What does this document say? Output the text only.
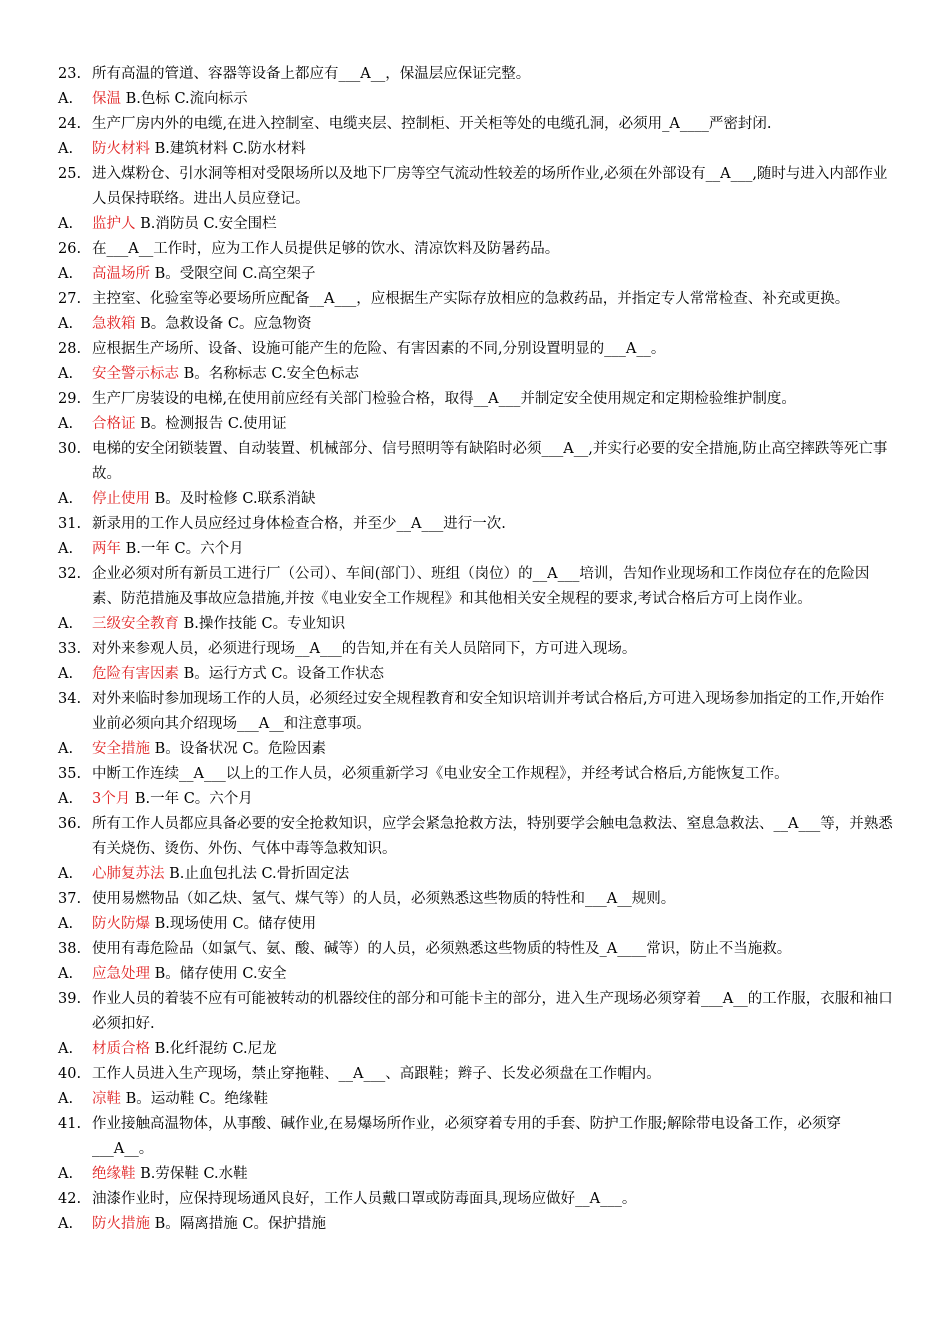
23. 所有高温的管道、容器等设备上都应有___A__，保温层应保证完整。
A.	保温 B.色标 C.流向标示
24. 生产厂房内外的电缆,在进入控制室、电缆夹层、控制柜、开关柜等处的电缆孔洞，必须用_A____严密封闭.
A.	防火材料 B.建筑材料 C.防水材料
25. 进入煤粉仓、引水洞等相对受限场所以及地下厂房等空气流动性较差的场所作业,必须在外部设有__A___,随时与进入内部作业人员保持联络。进出人员应登记。
A.	监护人 B.消防员 C.安全围栏
26. 在___A__工作时，应为工作人员提供足够的饮水、清凉饮料及防暑药品。
A.	高温场所 B。受限空间 C.高空架子
27. 主控室、化验室等必要场所应配备__A___，应根据生产实际存放相应的急救药品，并指定专人常常检查、补充或更换。
A.	急救箱 B。急救设备 C。应急物资
28. 应根据生产场所、设备、设施可能产生的危险、有害因素的不同,分别设置明显的___A__。
A.	安全警示标志 B。名称标志 C.安全色标志
29. 生产厂房装设的电梯,在使用前应经有关部门检验合格，取得__A___并制定安全使用规定和定期检验维护制度。
A.	合格证 B。检测报告 C.使用证
30. 电梯的安全闭锁装置、自动装置、机械部分、信号照明等有缺陷时必须___A__,并实行必要的安全措施,防止高空摔跌等死亡事故。
A.	停止使用 B。及时检修 C.联系消缺
31. 新录用的工作人员应经过身体检查合格，并至少__A___进行一次.
A.	两年 B.一年 C。六个月
32. 企业必须对所有新员工进行厂（公司）、车间(部门）、班组（岗位）的__A___培训，告知作业现场和工作岗位存在的危险因素、防范措施及事故应急措施,并按《电业安全工作规程》和其他相关安全规程的要求,考试合格后方可上岗作业。
A.	三级安全教育 B.操作技能 C。专业知识
33. 对外来参观人员，必须进行现场__A___的告知,并在有关人员陪同下，方可进入现场。
A.	危险有害因素 B。运行方式 C。设备工作状态
34. 对外来临时参加现场工作的人员，必须经过安全规程教育和安全知识培训并考试合格后,方可进入现场参加指定的工作,开始作业前必须向其介绍现场___A__和注意事项。
A.	安全措施 B。设备状况 C。危险因素
35. 中断工作连续__A___以上的工作人员，必须重新学习《电业安全工作规程》，并经考试合格后,方能恢复工作。
A.	3个月 B.一年 C。六个月
36. 所有工作人员都应具备必要的安全抢救知识，应学会紧急抢救方法，特别要学会触电急救法、窒息急救法、__A___等，并熟悉有关烧伤、烫伤、外伤、气体中毒等急救知识。
A.	心肺复苏法 B.止血包扎法 C.骨折固定法
37. 使用易燃物品（如乙炔、氢气、煤气等）的人员，必须熟悉这些物质的特性和___A__规则。
A.	防火防爆 B.现场使用 C。储存使用
38. 使用有毒危险品（如氯气、氨、酸、碱等）的人员，必须熟悉这些物质的特性及_A____常识，防止不当施救。
A.	应急处理 B。储存使用 C.安全
39. 作业人员的着装不应有可能被转动的机器绞住的部分和可能卡主的部分，进入生产现场必须穿着___A__的工作服，衣服和袖口必须扣好.
A.	材质合格 B.化纤混纺 C.尼龙
40. 工作人员进入生产现场，禁止穿拖鞋、__A___、高跟鞋；辫子、长发必须盘在工作帽内。
A.	凉鞋 B。运动鞋 C。绝缘鞋
41. 作业接触高温物体，从事酸、碱作业,在易爆场所作业，必须穿着专用的手套、防护工作服;解除带电设备工作，必须穿___A__。
A.	绝缘鞋 B.劳保鞋 C.水鞋
42. 油漆作业时，应保持现场通风良好，工作人员戴口罩或防毒面具,现场应做好__A___。
A.	防火措施 B。隔离措施 C。保护措施
